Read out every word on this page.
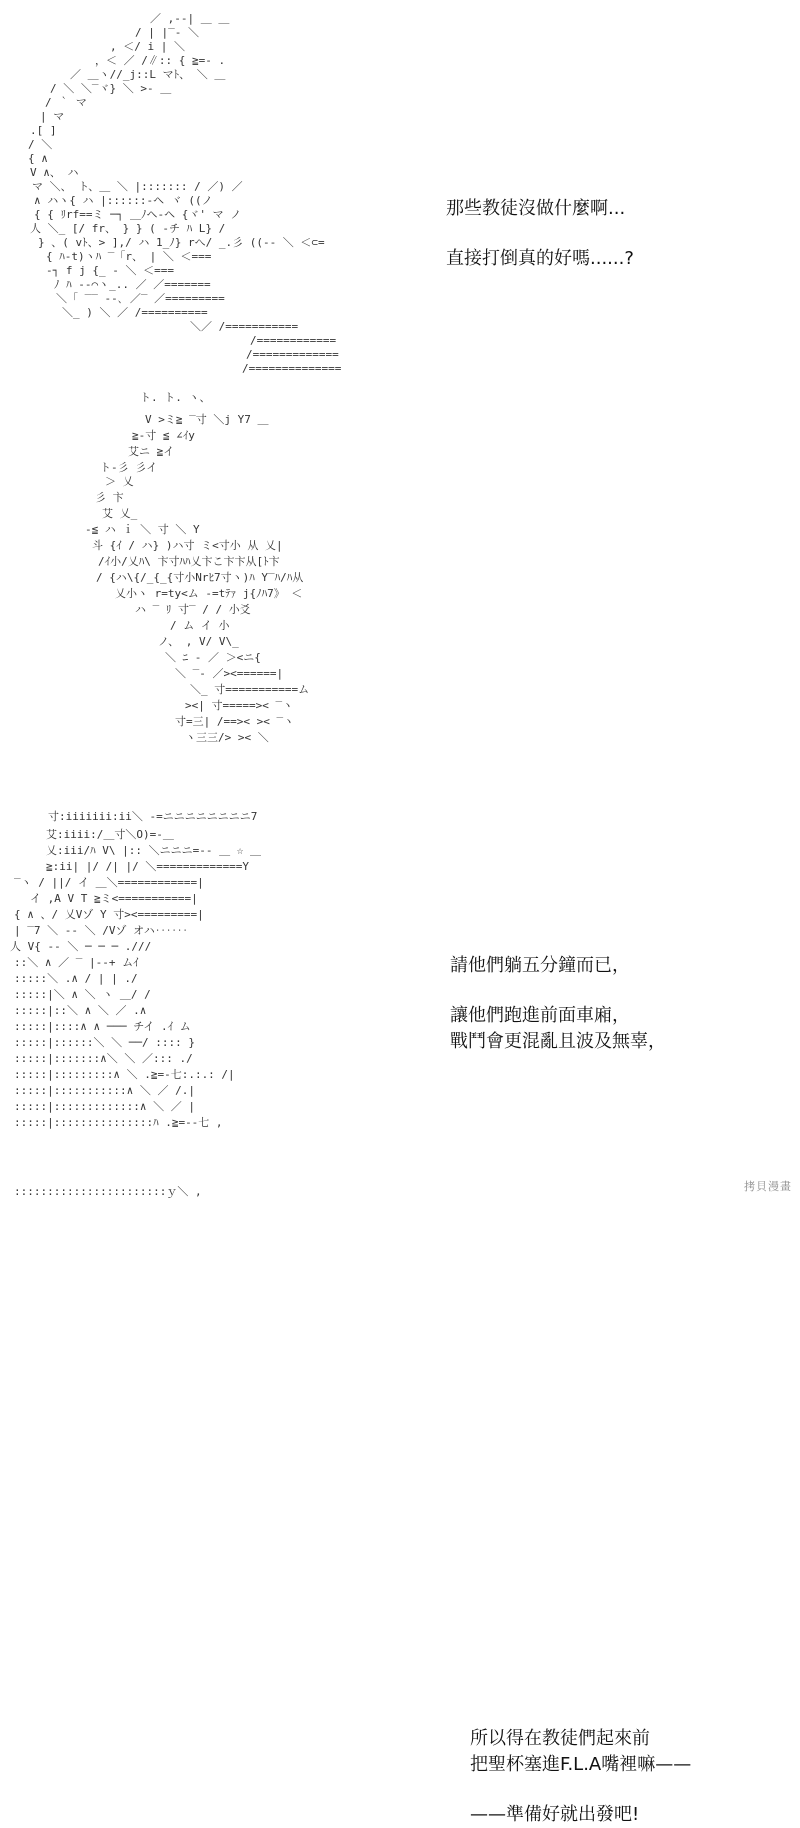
／ ,-‐| ＿ ＿
/ | |‾‐ ＼
, ＜/ i | ＼
，＜ ／ /∥:: { ≧=‐ .
／ ＿ヽ//_j::L マﾄ、 ＼ ＿
/ ＼ ＼‾ヾ} ＼ >‐ ＿
/ ｀ マ
| マ
.[ ]
/ ＼
{ ∧
V ∧、 ハ
マ ＼、 ト、＿ ＼ |::::::: / ／) ／
∧ ハヽ{ ハ |::::::-ヘ ヾ ((ノ
{ { ﾘrf==ミ ─┐ ＿ﾉヘ‐ヘ {ヾ' マ ノ
人 ＼_ [/ fr、 } } ( ‐チ ﾊ L} /
} 、( vﾄ、> ],/ ハ 1_ﾉ} rへ/ _.彡 ((‐‐ ＼ ＜⊂=
{ ﾊ-t)ヽﾊ ‾「r、 | ＼ ＜===
‐┐ f j {_ ‐ ＼ ＜===
ﾉ ﾊ ‐‐⌒ヽ_.. ／ ／=======
＼「 ‾‾ ‐‐､ ／‾ ／=========
＼_ ) ＼ ／ /==========
＼／ /===========
/============
/=============
/==============
那些教徒沒做什麼啊...
直接打倒真的好嗎......?
ト. ト. ヽ、
V >ミ≧ ‾寸 ＼j Y7 ＿
≧‐寸 ≦ ∠ｲy
艾ニ ≧イ
ト‐彡 彡イ
＞ 乂
彡 卞
艾 乂_
‐≦ ハ ｉ ＼ 寸 ＼ Y
斗 {ｲ / ハ} )ハ寸 ミ<寸小 从 乂|
/ｲ小/乂ﾊ\ 卞寸ﾊﾊ乂卞こ卞卞从[ﾄ卞
/ {ハ\{/_{_{寸小Nrﾋ7寸ヽ)ﾊ Y‾ﾊ/ﾊ从
乂小ヽ r=ty<ム ‐=tﾃｧ j{ﾉﾊ7》 ＜
ハ ‾ ﾘ 寸‾ / / 小爻
/ ム イ 小
ノ、 , V/ V\_
＼ ﾆ ‐ ／ ＞<ニ{
＼ ‾‐ ／><======|
＼_ 寸===========ム
><| 寸=====>< ‾ヽ
寸=三| /==>< >< ‾ヽ
ヽ三三/> >< ＼
請他們躺五分鐘而已，
讓他們跑進前面車廂，
戰鬥會更混亂且波及無辜，
寸:iiiiiii:ii＼ ‐=ニニニニニニニニ7
艾:iiii:/＿寸＼O)=‐＿
乂:iii/ﾊ V\ |:: ＼ニニニ=‐‐ ＿ ☆ ＿
≧:ii| |/ /| |/ ＼=============Y
‾ヽ / ||/ イ ＿＼============|
イ ,A V T ≧ミ<===========|
{ ∧ 、/ 乂Vゾ Y 寸><=========|
| ‾7 ＼ ‐‐ ＼ /Vゾ オハ‥‥‥
人 V{ ‐‐ ＼ ─ ─ ─ .///
::＼ ∧ ／ ‾ |‐‐+ ムｲ
:::::＼ .∧ / | | ./
:::::|＼ ∧ ＼ ヽ ＿/ /
:::::|::＼ ∧ ＼ ／ .∧
:::::|::::∧ ∧ ─── チイ .ｲ ム
:::::|::::::＼ ＼ ──/ :::: }
:::::|:::::::∧＼ ＼ ／::: ./
:::::|:::::::::∧ ＼ .≧=‐七:.:.: /|
:::::|:::::::::::∧ ＼ ／ /.|
:::::|:::::::::::::∧ ＼ ／ |
:::::|:::::::::::::::ﾊ .≧=‐‐七 ,
:::::::::::::::::::::::ｙ＼ ,
所以得在教徒們起來前
把聖杯塞進F.L.A嘴裡嘛——
——準備好就出發吧!
拷貝漫畫
